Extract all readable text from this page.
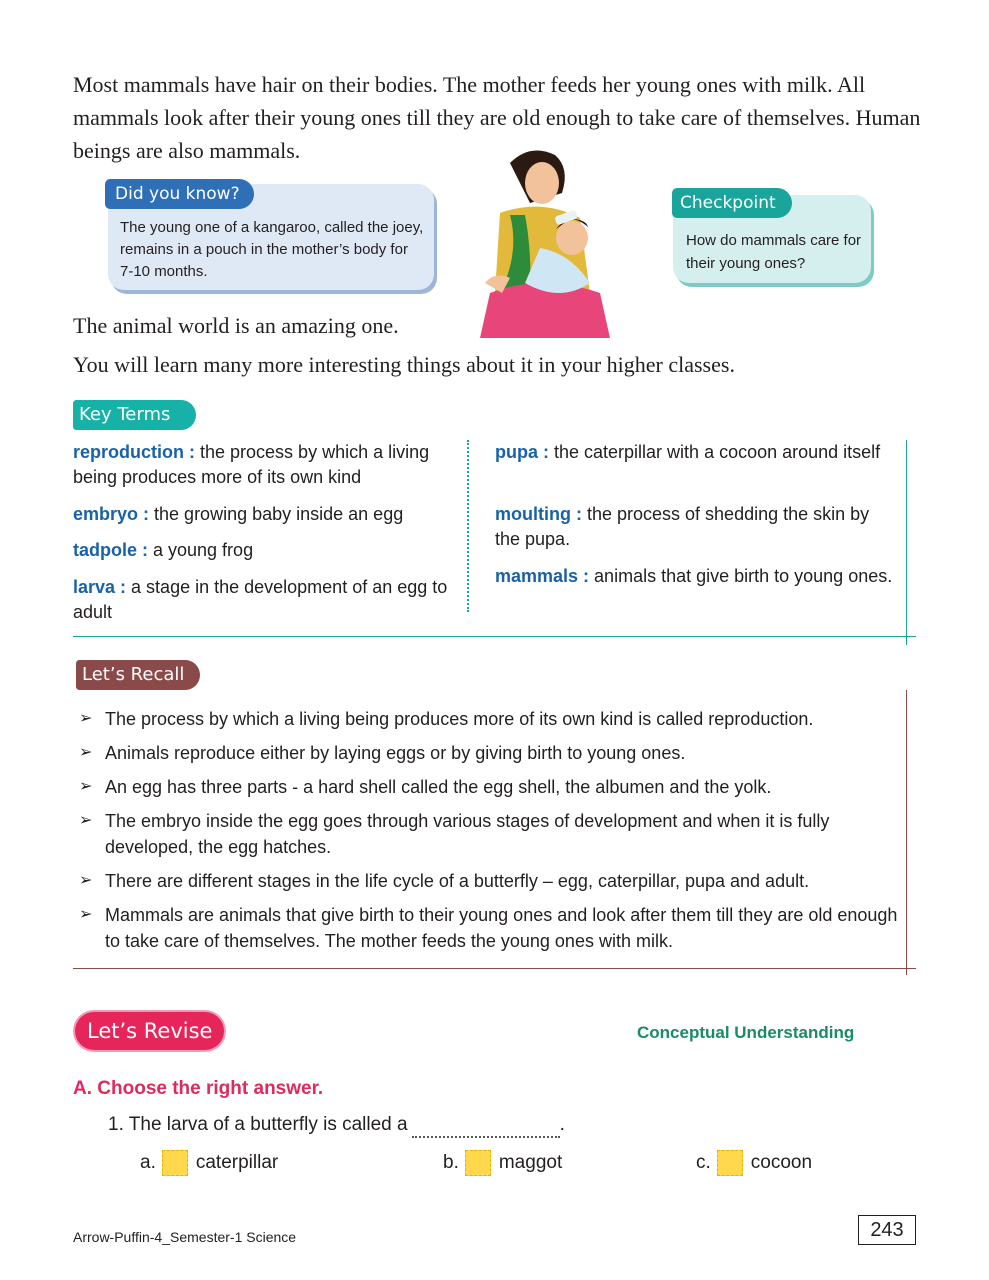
Most mammals have hair on their bodies. The mother feeds her young ones with milk. All mammals look after their young ones till they are old enough to take care of themselves. Human beings are also mammals.
Did you know?
The young one of a kangaroo, called the joey, remains in a pouch in the mother’s body for 7-10 months.
Checkpoint
How do mammals care for their young ones?
The animal world is an amazing one.
You will learn many more interesting things about it in your higher classes.
Key Terms
reproduction : the process by which a living being produces more of its own kind
embryo : the growing baby inside an egg
tadpole : a young frog
larva : a stage in the development of an egg to adult
pupa : the caterpillar with a cocoon around itself
moulting : the process of shedding the skin by the pupa.
mammals : animals that give birth to young ones.
Let’s Recall
➢ The process by which a living being produces more of its own kind is called reproduction.
➢ Animals reproduce either by laying eggs or by giving birth to young ones.
➢ An egg has three parts - a hard shell called the egg shell, the albumen and the yolk.
➢ The embryo inside the egg goes through various stages of development and when it is fully developed, the egg hatches.
➢ There are different stages in the life cycle of a butterfly – egg, caterpillar, pupa and adult.
➢ Mammals are animals that give birth to their young ones and look after them till they are old enough to take care of themselves. The mother feeds the young ones with milk.
Let’s Revise	Conceptual Understanding
A. Choose the right answer.
1. The larva of a butterfly is called a	.
a. caterpillar	b. maggot	c. cocoon
Arrow-Puffin-4_Semester-1 Science	243
